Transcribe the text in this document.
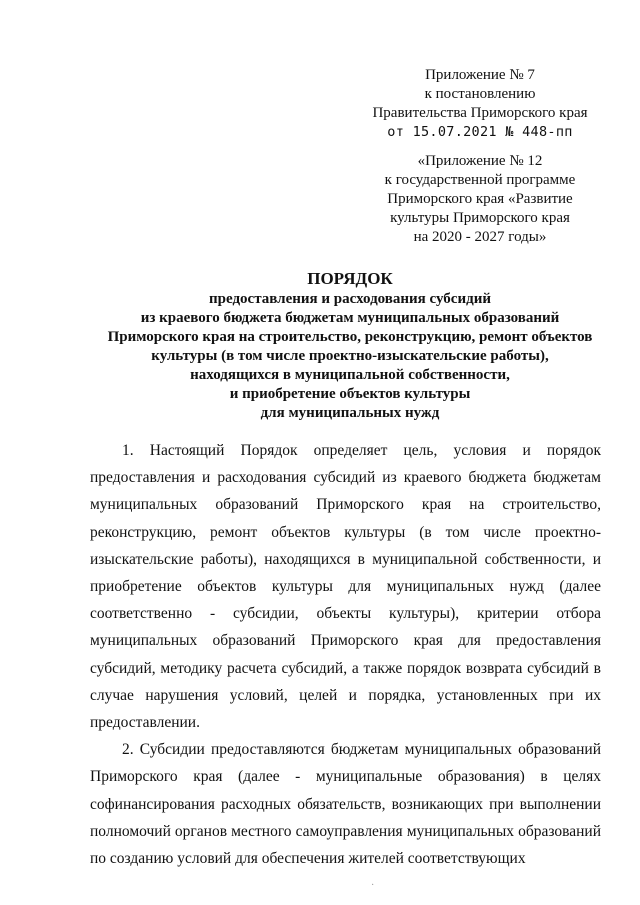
Приложение № 7
к постановлению
Правительства Приморского края
от 15.07.2021 № 448-пп
«Приложение № 12
к государственной программе
Приморского края «Развитие
культуры Приморского края
на 2020 - 2027 годы»
ПОРЯДОК
предоставления и расходования субсидий
из краевого бюджета бюджетам муниципальных образований
Приморского края на строительство, реконструкцию, ремонт объектов
культуры (в том числе проектно-изыскательские работы),
находящихся в муниципальной собственности,
и приобретение объектов культуры
для муниципальных нужд

1. Настоящий Порядок определяет цель, условия и порядок предоставления и расходования субсидий из краевого бюджета бюджетам муниципальных образований Приморского края на строительство, реконструкцию, ремонт объектов культуры (в том числе проектно-изыскательские работы), находящихся в муниципальной собственности, и приобретение объектов культуры для муниципальных нужд (далее соответственно - субсидии, объекты культуры), критерии отбора муниципальных образований Приморского края для предоставления субсидий, методику расчета субсидий, а также порядок возврата субсидий в случае нарушения условий, целей и порядка, установленных при их предоставлении.

2. Субсидии предоставляются бюджетам муниципальных образований Приморского края (далее - муниципальные образования) в целях софинансирования расходных обязательств, возникающих при выполнении полномочий органов местного самоуправления муниципальных образований по созданию условий для обеспечения жителей соответствующих

·
